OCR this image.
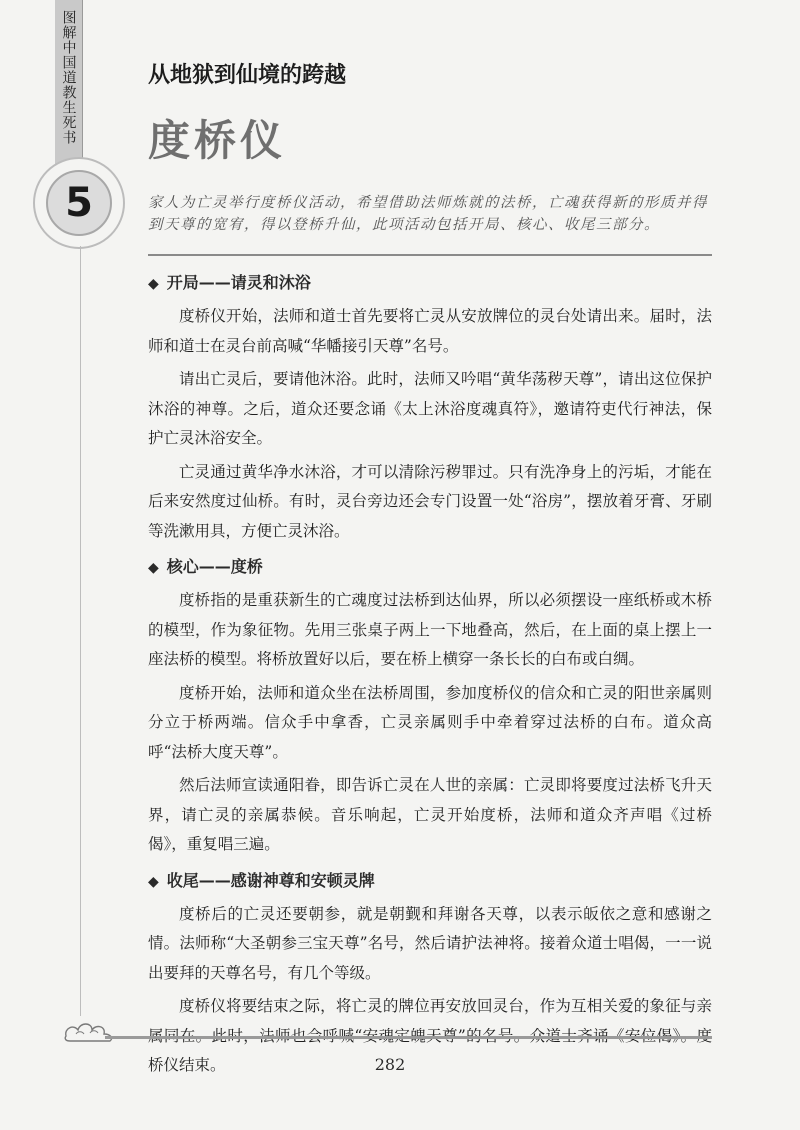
图解中国道教生死书
5
从地狱到仙境的跨越
度桥仪
家人为亡灵举行度桥仪活动，希望借助法师炼就的法桥，亡魂获得新的形质并得到天尊的宽宥，得以登桥升仙，此项活动包括开局、核心、收尾三部分。
◆ 开局——请灵和沐浴

度桥仪开始，法师和道士首先要将亡灵从安放牌位的灵台处请出来。届时，法师和道士在灵台前高喊“华幡接引天尊”名号。

请出亡灵后，要请他沐浴。此时，法师又吟唱“黄华荡秽天尊”，请出这位保护沐浴的神尊。之后，道众还要念诵《太上沐浴度魂真符》，邀请符吏代行神法，保护亡灵沐浴安全。

亡灵通过黄华净水沐浴，才可以清除污秽罪过。只有洗净身上的污垢，才能在后来安然度过仙桥。有时，灵台旁边还会专门设置一处“浴房”，摆放着牙膏、牙刷等洗漱用具，方便亡灵沐浴。

◆ 核心——度桥

度桥指的是重获新生的亡魂度过法桥到达仙界，所以必须摆设一座纸桥或木桥的模型，作为象征物。先用三张桌子两上一下地叠高，然后，在上面的桌上摆上一座法桥的模型。将桥放置好以后，要在桥上横穿一条长长的白布或白绸。

度桥开始，法师和道众坐在法桥周围，参加度桥仪的信众和亡灵的阳世亲属则分立于桥两端。信众手中拿香，亡灵亲属则手中牵着穿过法桥的白布。道众高呼“法桥大度天尊”。

然后法师宣读通阳眷，即告诉亡灵在人世的亲属：亡灵即将要度过法桥飞升天界，请亡灵的亲属恭候。音乐响起，亡灵开始度桥，法师和道众齐声唱《过桥偈》，重复唱三遍。

◆ 收尾——感谢神尊和安顿灵牌

度桥后的亡灵还要朝参，就是朝觐和拜谢各天尊，以表示皈依之意和感谢之情。法师称“大圣朝参三宝天尊”名号，然后请护法神将。接着众道士唱偈，一一说出要拜的天尊名号，有几个等级。

度桥仪将要结束之际，将亡灵的牌位再安放回灵台，作为互相关爱的象征与亲 桥仪结束。	282
